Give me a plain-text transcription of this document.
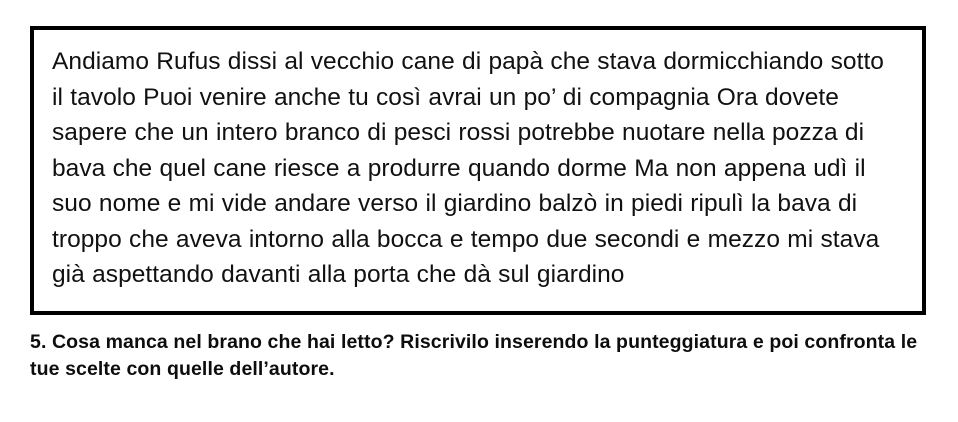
Andiamo Rufus dissi al vecchio cane di papà che stava dormicchiando sotto il tavolo Puoi venire anche tu così avrai un po’ di compagnia Ora dovete sapere che un intero branco di pesci rossi potrebbe nuotare nella pozza di bava che quel cane riesce a produrre quando dorme Ma non appena udì il suo nome e mi vide andare verso il giardino balzò in piedi ripulì la bava di troppo che aveva intorno alla bocca e tempo due secondi e mezzo mi stava già aspettando davanti alla porta che dà sul giardino
5. Cosa manca nel brano che hai letto? Riscrivilo inserendo la punteggiatura e poi confronta le tue scelte con quelle dell’autore.
